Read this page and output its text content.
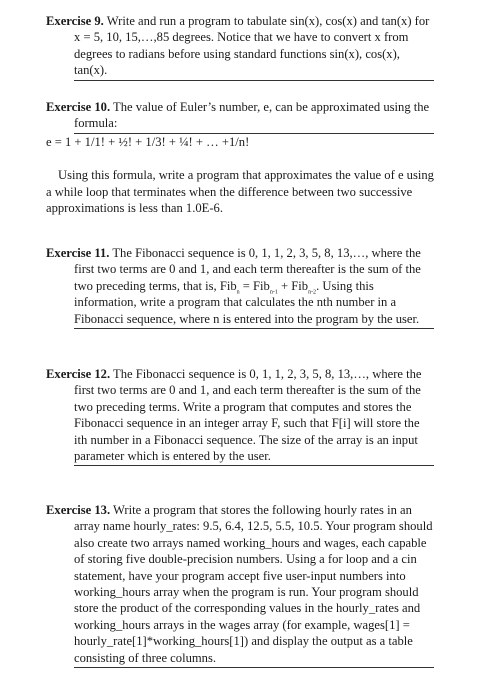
Exercise 9. Write and run a program to tabulate sin(x), cos(x) and tan(x) for x = 5, 10, 15,…,85 degrees. Notice that we have to convert x from degrees to radians before using standard functions sin(x), cos(x), tan(x).

Exercise 10. The value of Euler’s number, e, can be approximated using the formula:

e = 1 + 1/1! + ½! + 1/3! + ¼! + … +1/n!

Using this formula, write a program that approximates the value of e using a while loop that terminates when the difference between two successive approximations is less than 1.0E-6.

Exercise 11. The Fibonacci sequence is 0, 1, 1, 2, 3, 5, 8, 13,…, where the first two terms are 0 and 1, and each term thereafter is the sum of the two preceding terms, that is, Fib$_n$ = Fib$_{n-1}$ + Fib$_{n-2}$. Using this information, write a program that calculates the nth number in a Fibonacci sequence, where n is entered into the program by the user.

Exercise 12. The Fibonacci sequence is 0, 1, 1, 2, 3, 5, 8, 13,…, where the first two terms are 0 and 1, and each term thereafter is the sum of the two preceding terms. Write a program that computes and stores the Fibonacci sequence in an integer array F, such that F[i] will store the ith number in a Fibonacci sequence. The size of the array is an input parameter which is entered by the user.

Exercise 13. Write a program that stores the following hourly rates in an array name hourly_rates: 9.5, 6.4, 12.5, 5.5, 10.5. Your program should also create two arrays named working_hours and wages, each capable of storing five double-precision numbers. Using a for loop and a cin statement, have your program accept five user-input numbers into working_hours array when the program is run. Your program should store the product of the corresponding values in the hourly_rates and working_hours arrays in the wages array (for example, wages[1] = hourly_rate[1]*working_hours[1]) and display the output as a table consisting of three columns.
